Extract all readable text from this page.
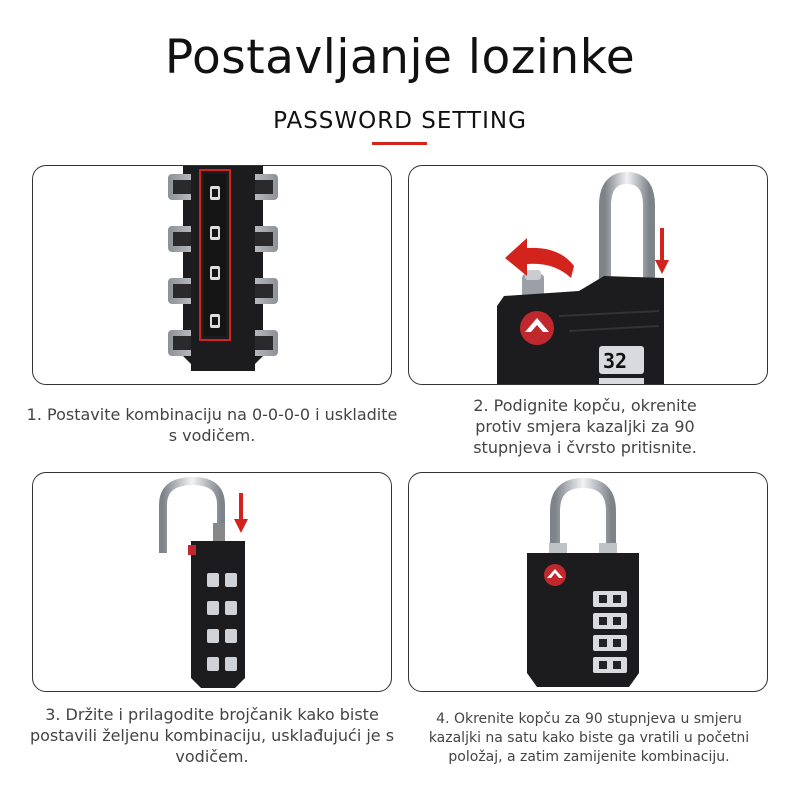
Postavljanje lozinke
PASSWORD SETTING
1. Postavite kombinaciju na 0-0-0-0 i uskladite s vodičem.
32
2. Podignite kopču, okrenite protiv smjera kazaljki za 90 stupnjeva i čvrsto pritisnite.
3. Držite i prilagodite brojčanik kako biste postavili željenu kombinaciju, usklađujući je s vodičem.
4. Okrenite kopču za 90 stupnjeva u smjeru kazaljki na satu kako biste ga vratili u početni položaj, a zatim zamijenite kombinaciju.
